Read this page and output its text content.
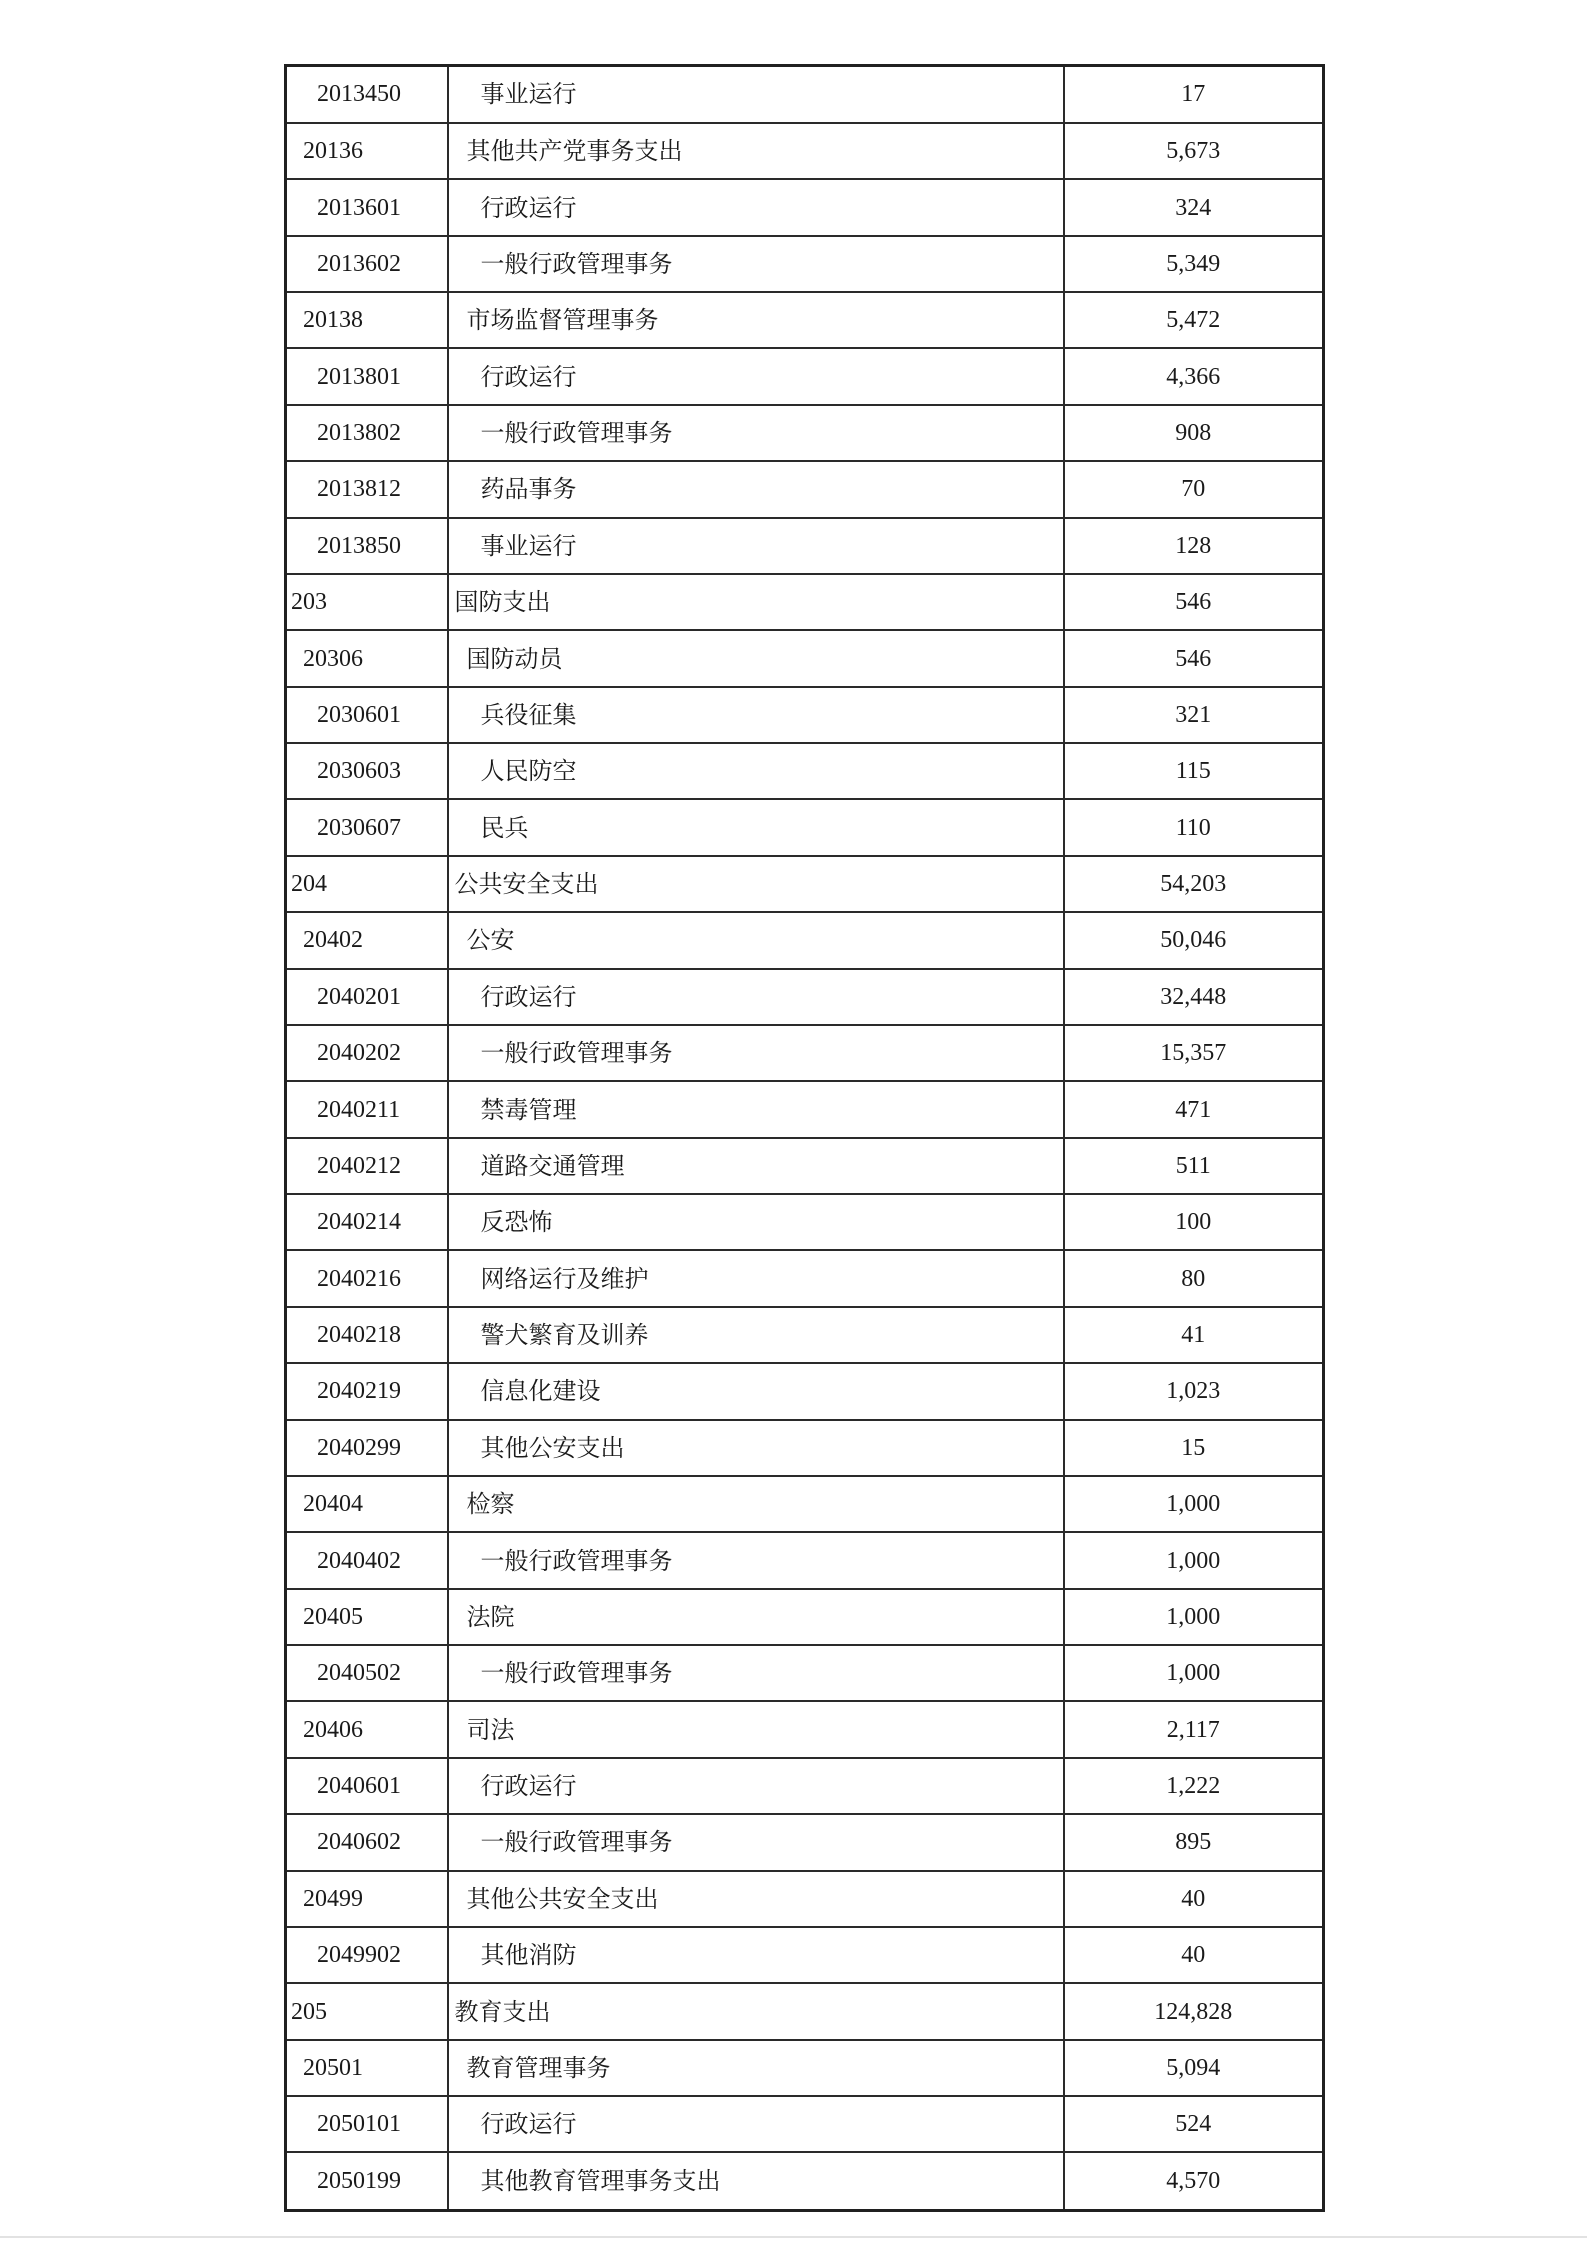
2013450	事业运行	17
20136	其他共产党事务支出	5,673
2013601	行政运行	324
2013602	一般行政管理事务	5,349
20138	市场监督管理事务	5,472
2013801	行政运行	4,366
2013802	一般行政管理事务	908
2013812	药品事务	70
2013850	事业运行	128
203	国防支出	546
20306	国防动员	546
2030601	兵役征集	321
2030603	人民防空	115
2030607	民兵	110
204	公共安全支出	54,203
20402	公安	50,046
2040201	行政运行	32,448
2040202	一般行政管理事务	15,357
2040211	禁毒管理	471
2040212	道路交通管理	511
2040214	反恐怖	100
2040216	网络运行及维护	80
2040218	警犬繁育及训养	41
2040219	信息化建设	1,023
2040299	其他公安支出	15
20404	检察	1,000
2040402	一般行政管理事务	1,000
20405	法院	1,000
2040502	一般行政管理事务	1,000
20406	司法	2,117
2040601	行政运行	1,222
2040602	一般行政管理事务	895
20499	其他公共安全支出	40
2049902	其他消防	40
205	教育支出	124,828
20501	教育管理事务	5,094
2050101	行政运行	524
2050199	其他教育管理事务支出	4,570
